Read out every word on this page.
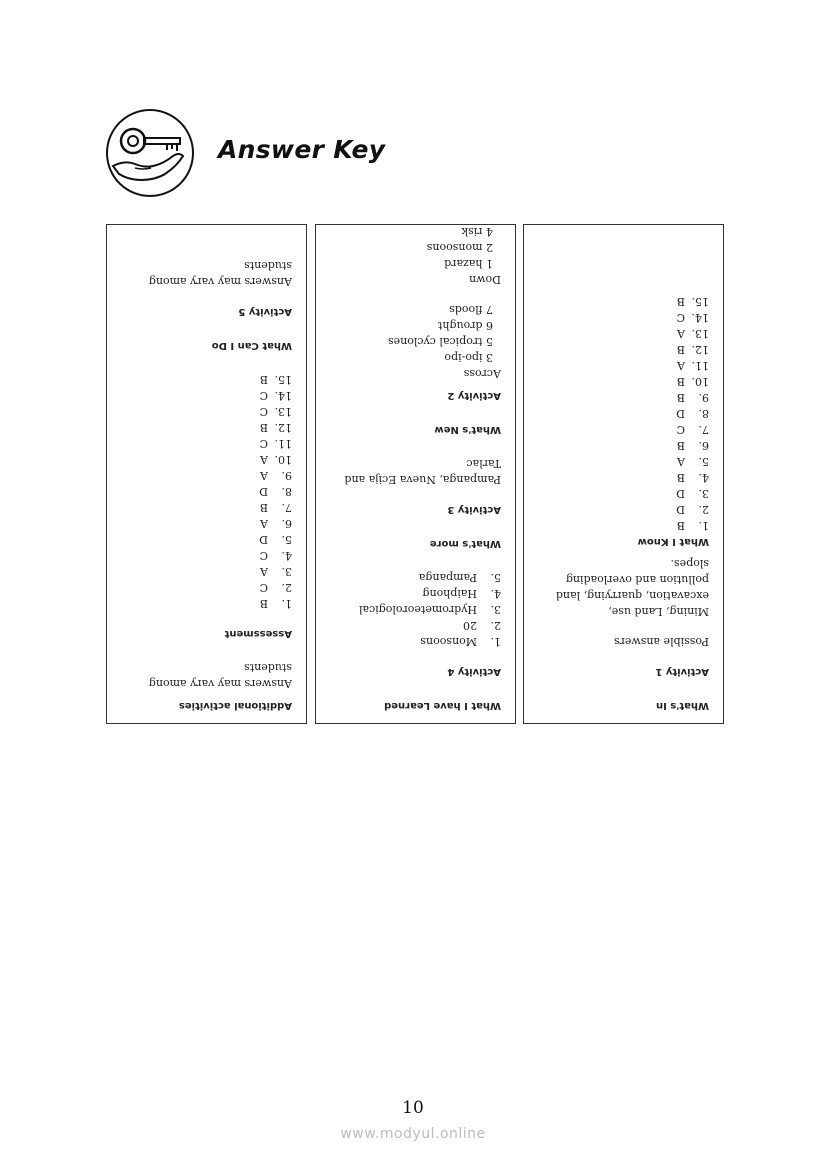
Answer Key
What's In
Activity 1
Possible answers
Mining, Land use,
excavation, quarrying, land
pollution and overloading
slopes.
What I Know
1.
B
2.
D
3.
D
4.
B
5.
A
6.
B
7.
C
8.
D
9.
B
10.
B
11.
A
12.
B
13.
A
14.
C
15.
B
What I have Learned
Activity 4
1.
Monsoons
2.
20
3.
Hydrometeorological
4.
Haiphong
5.
Pampanga
What's more
Activity 3
Pampanga, Nueva Ecija and
Tarlac
What's New
Activity 2
Across
3 ipo-ipo
5 tropical cyclones
6 drought
7 floods
Down
1 hazard
2 monsoons
4 risk
Additional activities
Answers may vary among
students
Assessment
1.
B
2.
C
3.
A
4.
C
5.
D
6.
A
7.
B
8.
D
9.
A
10.
A
11.
C
12.
B
13.
C
14.
C
15.
B
What Can I Do
Activity 5
Answers may vary among
students
10
www.modyul.online
